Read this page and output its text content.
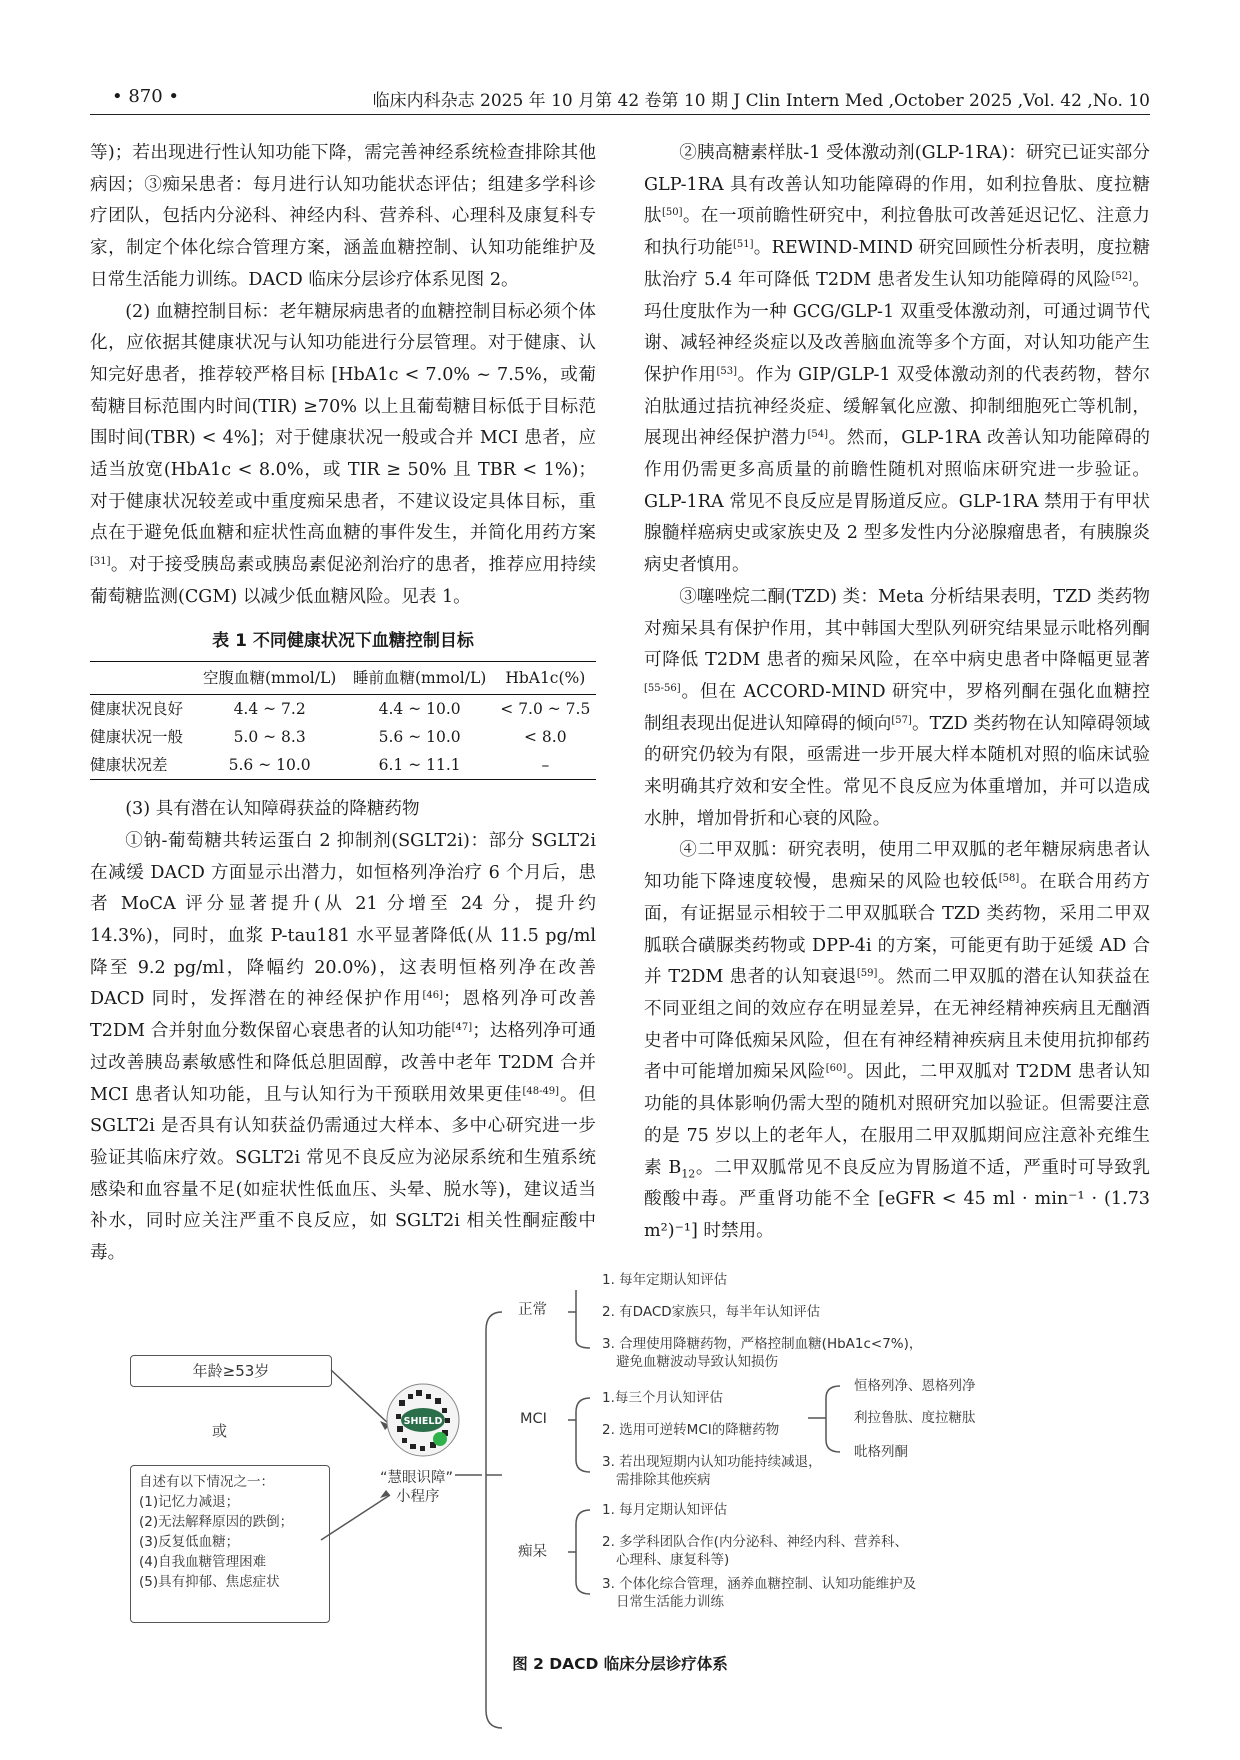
• 870 •	临床内科杂志 2025 年 10 月第 42 卷第 10 期 J Clin Intern Med ,October 2025 ,Vol. 42 ,No. 10

等)；若出现进行性认知功能下降，需完善神经系统检查排除其他病因；③痴呆患者：每月进行认知功能状态评估；组建多学科诊疗团队，包括内分泌科、神经内科、营养科、心理科及康复科专家，制定个体化综合管理方案，涵盖血糖控制、认知功能维护及日常生活能力训练。DACD 临床分层诊疗体系见图 2。

(2) 血糖控制目标：老年糖尿病患者的血糖控制目标必须个体化，应依据其健康状况与认知功能进行分层管理。对于健康、认知完好患者，推荐较严格目标 [HbA1c < 7.0% ~ 7.5%，或葡萄糖目标范围内时间(TIR) ≥70% 以上且葡萄糖目标低于目标范围时间(TBR) < 4%]；对于健康状况一般或合并 MCI 患者，应适当放宽(HbA1c < 8.0%，或 TIR ≥ 50% 且 TBR < 1%)；对于健康状况较差或中重度痴呆患者，不建议设定具体目标，重点在于避免低血糖和症状性高血糖的事件发生，并简化用药方案[31]。对于接受胰岛素或胰岛素促泌剂治疗的患者，推荐应用持续葡萄糖监测(CGM) 以减少低血糖风险。见表 1。

表 1 不同健康状况下血糖控制目标

	空腹血糖(mmol/L)	睡前血糖(mmol/L)	HbA1c(%)
健康状况良好	4.4 ~ 7.2	4.4 ~ 10.0	< 7.0 ~ 7.5
健康状况一般	5.0 ~ 8.3	5.6 ~ 10.0	< 8.0
健康状况差	5.6 ~ 10.0	6.1 ~ 11.1	–

(3) 具有潜在认知障碍获益的降糖药物

①钠-葡萄糖共转运蛋白 2 抑制剂(SGLT2i)：部分 SGLT2i 在减缓 DACD 方面显示出潜力，如恒格列净治疗 6 个月后，患者 MoCA 评分显著提升(从 21 分增至 24 分，提升约 14.3%)，同时，血浆 P-tau181 水平显著降低(从 11.5 pg/ml 降至 9.2 pg/ml，降幅约 20.0%)，这表明恒格列净在改善 DACD 同时，发挥潜在的神经保护作用[46]；恩格列净可改善 T2DM 合并射血分数保留心衰患者的认知功能[47]；达格列净可通过改善胰岛素敏感性和降低总胆固醇，改善中老年 T2DM 合并 MCI 患者认知功能，且与认知行为干预联用效果更佳[48-49]。但 SGLT2i 是否具有认知获益仍需通过大样本、多中心研究进一步验证其临床疗效。SGLT2i 常见不良反应为泌尿系统和生殖系统感染和血容量不足(如症状性低血压、头晕、脱水等)，建议适当补水，同时应关注严重不良反应，如 SGLT2i 相关性酮症酸中毒。

②胰高糖素样肽-1 受体激动剂(GLP-1RA)：研究已证实部分 GLP-1RA 具有改善认知功能障碍的作用，如利拉鲁肽、度拉糖肽[50]。在一项前瞻性研究中，利拉鲁肽可改善延迟记忆、注意力和执行功能[51]。REWIND-MIND 研究回顾性分析表明，度拉糖肽治疗 5.4 年可降低 T2DM 患者发生认知功能障碍的风险[52]。玛仕度肽作为一种 GCG/GLP-1 双重受体激动剂，可通过调节代谢、减轻神经炎症以及改善脑血流等多个方面，对认知功能产生保护作用[53]。作为 GIP/GLP-1 双受体激动剂的代表药物，替尔泊肽通过拮抗神经炎症、缓解氧化应激、抑制细胞死亡等机制，展现出神经保护潜力[54]。然而，GLP-1RA 改善认知功能障碍的作用仍需更多高质量的前瞻性随机对照临床研究进一步验证。GLP-1RA 常见不良反应是胃肠道反应。GLP-1RA 禁用于有甲状腺髓样癌病史或家族史及 2 型多发性内分泌腺瘤患者，有胰腺炎病史者慎用。

③噻唑烷二酮(TZD) 类：Meta 分析结果表明，TZD 类药物对痴呆具有保护作用，其中韩国大型队列研究结果显示吡格列酮可降低 T2DM 患者的痴呆风险，在卒中病史患者中降幅更显著[55-56]。但在 ACCORD-MIND 研究中，罗格列酮在强化血糖控制组表现出促进认知障碍的倾向[57]。TZD 类药物在认知障碍领域的研究仍较为有限，亟需进一步开展大样本随机对照的临床试验来明确其疗效和安全性。常见不良反应为体重增加，并可以造成水肿，增加骨折和心衰的风险。

④二甲双胍：研究表明，使用二甲双胍的老年糖尿病患者认知功能下降速度较慢，患痴呆的风险也较低[58]。在联合用药方面，有证据显示相较于二甲双胍联合 TZD 类药物，采用二甲双胍联合磺脲类药物或 DPP-4i 的方案，可能更有助于延缓 AD 合并 T2DM 患者的认知衰退[59]。然而二甲双胍的潜在认知获益在不同亚组之间的效应存在明显差异，在无神经精神疾病且无酗酒史者中可降低痴呆风险，但在有神经精神疾病且未使用抗抑郁药者中可能增加痴呆风险[60]。因此，二甲双胍对 T2DM 患者认知功能的具体影响仍需大型的随机对照研究加以验证。但需要注意的是 75 岁以上的老年人，在服用二甲双胍期间应注意补充维生素 $B_{12}$。二甲双胍常见不良反应为胃肠道不适，严重时可导致乳酸酸中毒。严重肾功能不全 [eGFR < 45 ml · min⁻¹ · (1.73 m²)⁻¹] 时禁用。

SHIELD
年龄≥53岁
或
自述有以下情况之一：
(1)记忆力减退；
(2)无法解释原因的跌倒；
(3)反复低血糖；
(4)自我血糖管理困难
(5)具有抑郁、焦虑症状
“慧眼识障”
小程序
正常
1. 每年定期认知评估
2. 有DACD家族只，每半年认知评估
3. 合理使用降糖药物，严格控制血糖(HbA1c<7%)，
避免血糖波动导致认知损伤
MCI
1.每三个月认知评估
2. 选用可逆转MCI的降糖药物
3. 若出现短期内认知功能持续减退，
需排除其他疾病
恒格列净、恩格列净
利拉鲁肽、度拉糖肽
吡格列酮
痴呆
1. 每月定期认知评估
2. 多学科团队合作(内分泌科、神经内科、营养科、
心理科、康复科等)
3. 个体化综合管理，涵养血糖控制、认知功能维护及
日常生活能力训练
图 2 DACD 临床分层诊疗体系
